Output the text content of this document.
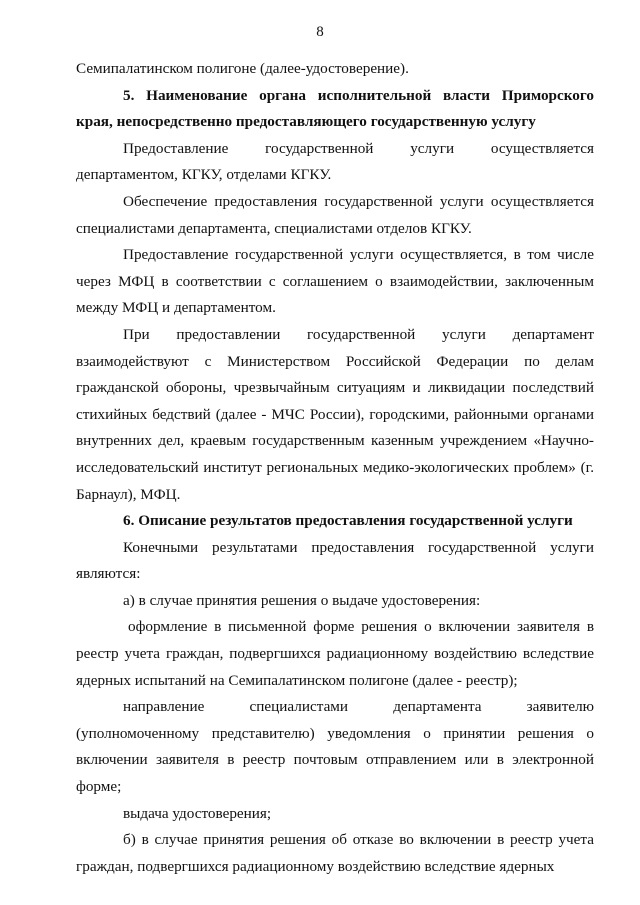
8

Семипалатинском полигоне (далее-удостоверение).

5. Наименование органа исполнительной власти Приморского края, непосредственно предоставляющего государственную услугу

Предоставление государственной услуги осуществляется департаментом, КГКУ, отделами КГКУ.

Обеспечение предоставления государственной услуги осуществляется специалистами департамента, специалистами отделов КГКУ.

Предоставление государственной услуги осуществляется, в том числе через МФЦ в соответствии с соглашением о взаимодействии, заключенным между МФЦ и департаментом.

При предоставлении государственной услуги департамент взаимодействуют с Министерством Российской Федерации по делам гражданской обороны, чрезвычайным ситуациям и ликвидации последствий стихийных бедствий (далее - МЧС России), городскими, районными органами внутренних дел, краевым государственным казенным учреждением «Научно-исследовательский институт региональных медико-экологических проблем» (г. Барнаул), МФЦ.

6. Описание результатов предоставления государственной услуги

Конечными результатами предоставления государственной услуги являются:

а) в случае принятия решения о выдаче удостоверения:

оформление в письменной форме решения о включении заявителя в реестр учета граждан, подвергшихся радиационному воздействию вследствие ядерных испытаний на Семипалатинском полигоне (далее - реестр);

направление специалистами департамента заявителю (уполномоченному представителю) уведомления о принятии решения о включении заявителя в реестр почтовым отправлением или в электронной форме;

выдача удостоверения;

б) в случае принятия решения об отказе во включении в реестр учета граждан, подвергшихся радиационному воздействию вследствие ядерных
